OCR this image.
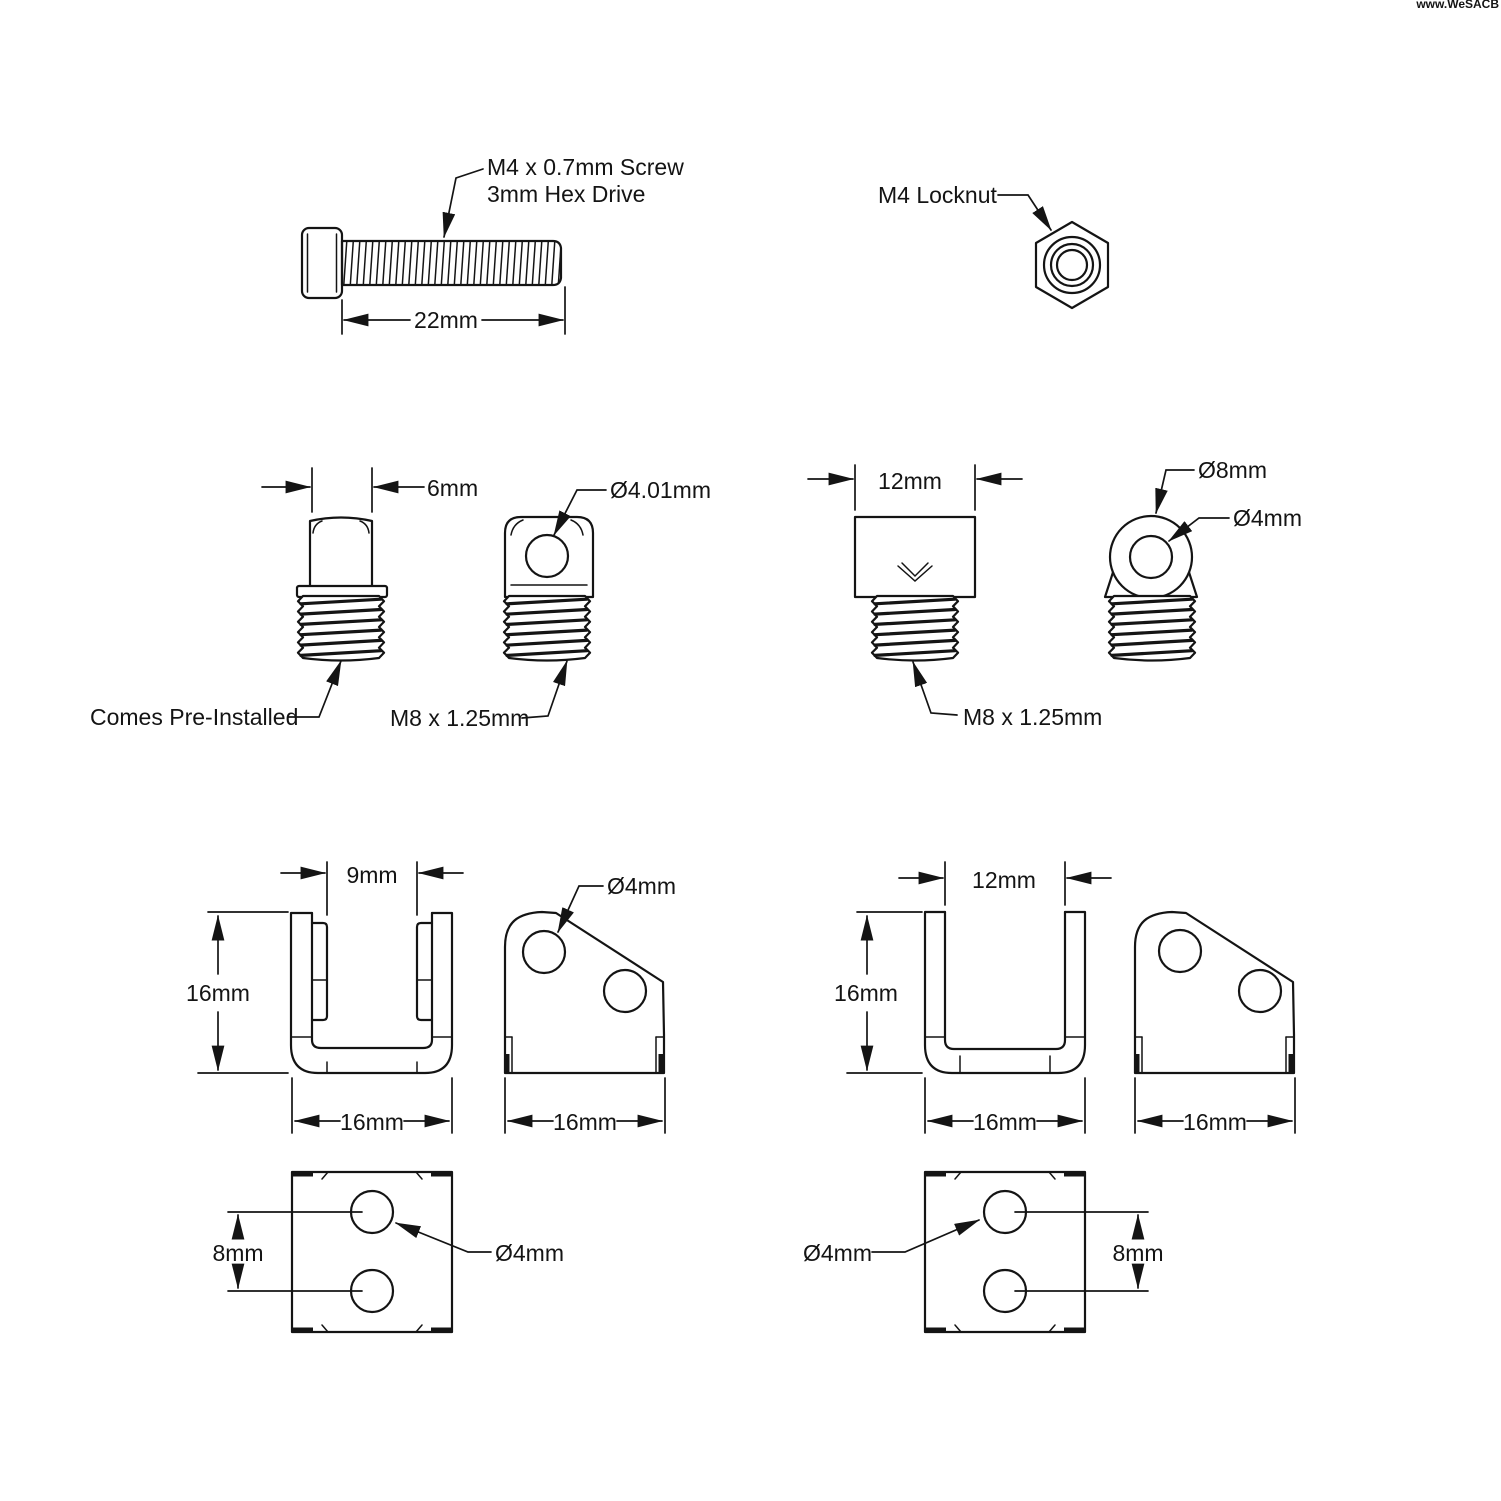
M4 x 0.7mm Screw
3mm Hex Drive
22mm
M4 Locknut
6mm	Ø4.01mm
Comes Pre-Installed	M8 x 1.25mm
12mm
M8 x 1.25mm
Ø8mm
Ø4mm
9mm
16mm
16mm
Ø4mm
16mm
8mm	Ø4mm
12mm
16mm
16mm	16mm
8mm
Ø4mm
www.WeSACB
